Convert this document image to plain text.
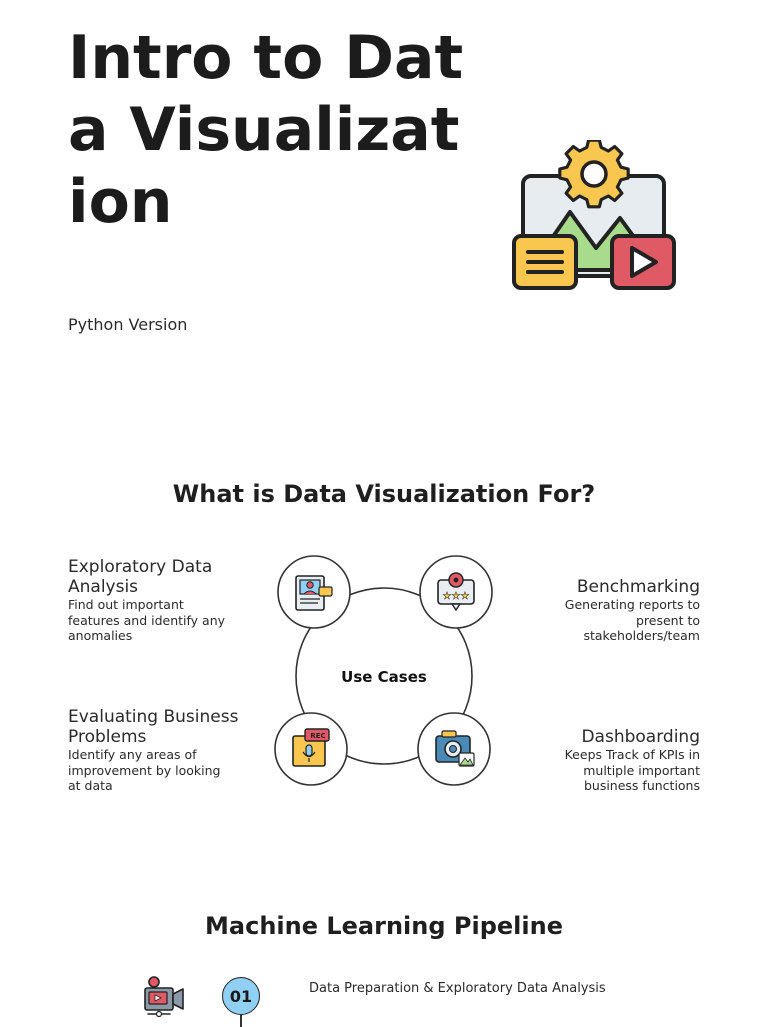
Intro to Data Visualization
Python Version
What is Data Visualization For?
Exploratory Data Analysis
Find out important features and identify any anomalies
Benchmarking
Generating reports to present to stakeholders/team
Evaluating Business Problems
Identify any areas of improvement by looking at data
Dashboarding
Keeps Track of KPIs in multiple important business functions
Use Cases
★★★
REC
Machine Learning Pipeline
01	Data Preparation & Exploratory Data Analysis
